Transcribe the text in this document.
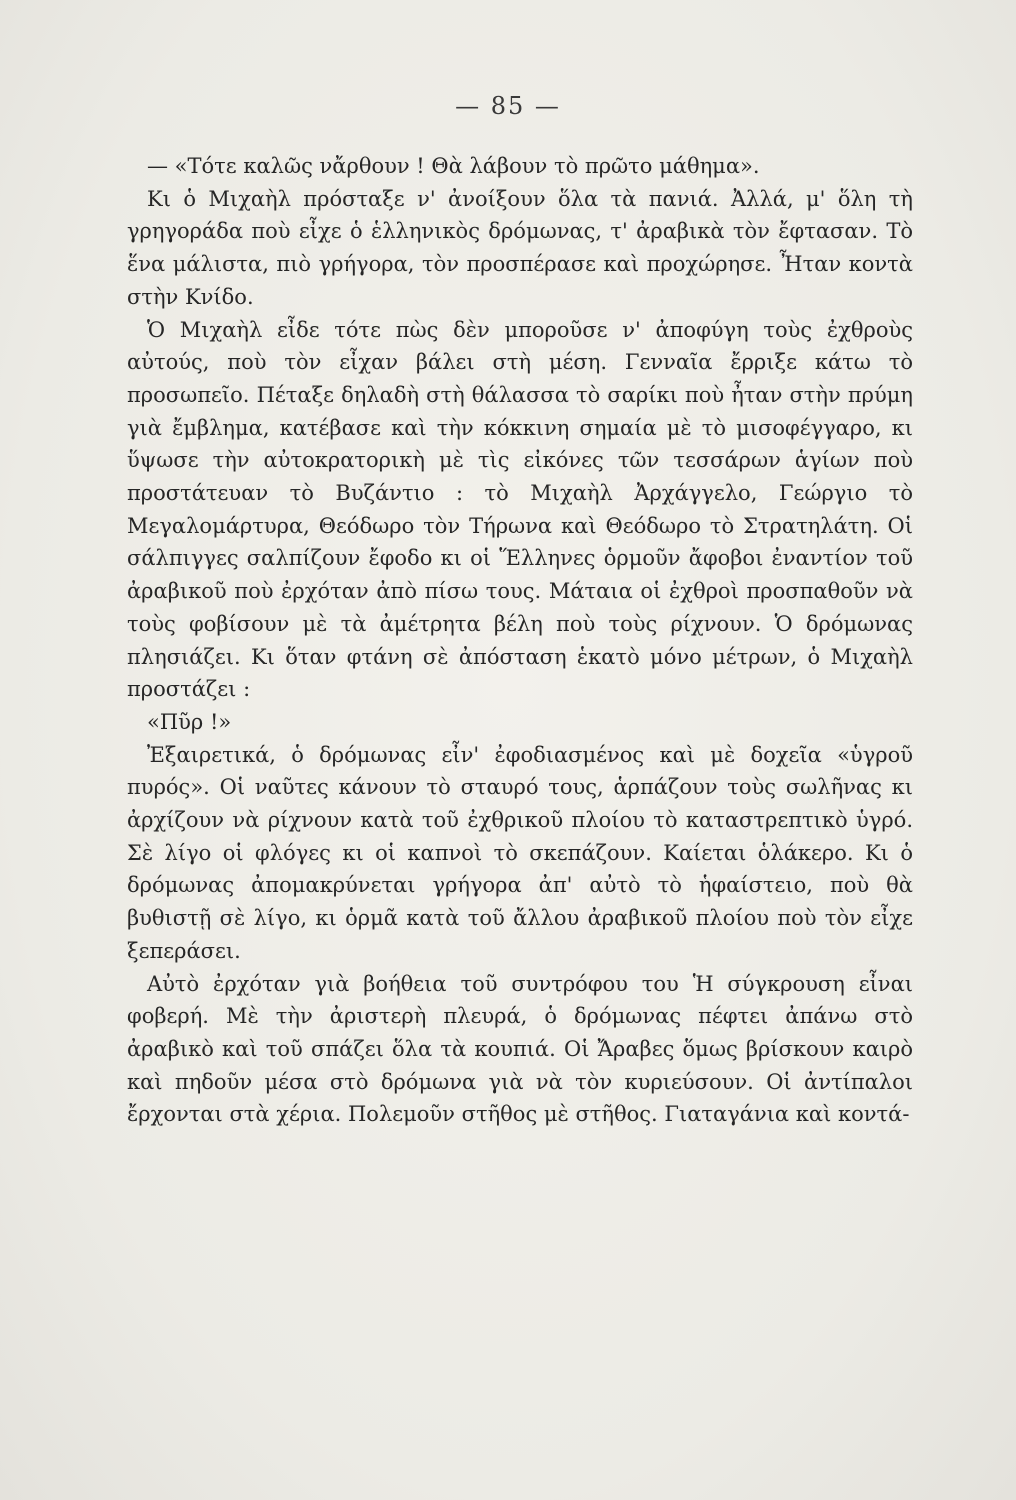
— 85 —

— «Τότε καλῶς νἄρθουν ! Θὰ λάβουν τὸ πρῶτο μάθημα».

Κι ὁ Μιχαὴλ πρόσταξε ν' ἀνοίξουν ὅλα τὰ πανιά. Ἀλλά, μ' ὅλη τὴ γρηγοράδα ποὺ εἶχε ὁ ἑλληνικὸς δρόμωνας, τ' ἀραβικὰ τὸν ἔφτασαν. Τὸ ἕνα μάλιστα, πιὸ γρήγορα, τὸν προσπέρασε καὶ προχώρησε. Ἦταν κοντὰ στὴν Κνίδο.

Ὁ Μιχαὴλ εἶδε τότε πὼς δὲν μποροῦσε ν' ἀποφύγη τοὺς ἐχθροὺς αὐτούς, ποὺ τὸν εἶχαν βάλει στὴ μέση. Γενναῖα ἔρριξε κάτω τὸ προσωπεῖο. Πέταξε δηλαδὴ στὴ θάλασσα τὸ σαρίκι ποὺ ἦταν στὴν πρύμη γιὰ ἔμβλημα, κατέβασε καὶ τὴν κόκκινη σημαία μὲ τὸ μισοφέγγαρο, κι ὕψωσε τὴν αὐτοκρατορικὴ μὲ τὶς εἰκόνες τῶν τεσσάρων ἁγίων ποὺ προστάτευαν τὸ Βυζάντιο : τὸ Μιχαὴλ Ἀρχάγγελο, Γεώργιο τὸ Μεγαλομάρτυρα, Θεόδωρο τὸν Τήρωνα καὶ Θεόδωρο τὸ Στρατηλάτη. Οἱ σάλπιγγες σαλπίζουν ἔφοδο κι οἱ Ἕλληνες ὁρμοῦν ἄφοβοι ἐναντίον τοῦ ἀραβικοῦ ποὺ ἐρχόταν ἀπὸ πίσω τους. Μάταια οἱ ἐχθροὶ προσπαθοῦν νὰ τοὺς φοβίσουν μὲ τὰ ἀμέτρητα βέλη ποὺ τοὺς ρίχνουν. Ὁ δρόμωνας πλησιάζει. Κι ὅταν φτάνη σὲ ἀπόσταση ἑκατὸ μόνο μέτρων, ὁ Μιχαὴλ προστάζει :

«Πῦρ !»

Ἐξαιρετικά, ὁ δρόμωνας εἶν' ἐφοδιασμένος καὶ μὲ δοχεῖα «ὑγροῦ πυρός». Οἱ ναῦτες κάνουν τὸ σταυρό τους, ἁρπάζουν τοὺς σωλῆνας κι ἀρχίζουν νὰ ρίχνουν κατὰ τοῦ ἐχθρικοῦ πλοίου τὸ καταστρεπτικὸ ὑγρό. Σὲ λίγο οἱ φλόγες κι οἱ καπνοὶ τὸ σκεπάζουν. Καίεται ὁλάκερο. Κι ὁ δρόμωνας ἀπομακρύνεται γρήγορα ἀπ' αὐτὸ τὸ ἡφαίστειο, ποὺ θὰ βυθιστῇ σὲ λίγο, κι ὁρμᾶ κατὰ τοῦ ἄλλου ἀραβικοῦ πλοίου ποὺ τὸν εἶχε ξεπεράσει.

Αὐτὸ ἐρχόταν γιὰ βοήθεια τοῦ συντρόφου του Ἡ σύγκρουση εἶναι φοβερή. Μὲ τὴν ἀριστερὴ πλευρά, ὁ δρόμωνας πέφτει ἀπάνω στὸ ἀραβικὸ καὶ τοῦ σπάζει ὅλα τὰ κουπιά. Οἱ Ἄραβες ὅμως βρίσκουν καιρὸ καὶ πηδοῦν μέσα στὸ δρόμωνα γιὰ νὰ τὸν κυριεύσουν. Οἱ ἀντίπαλοι ἔρχονται στὰ χέρια. Πολεμοῦν στῆθος μὲ στῆθος. Γιαταγάνια καὶ κοντά-
